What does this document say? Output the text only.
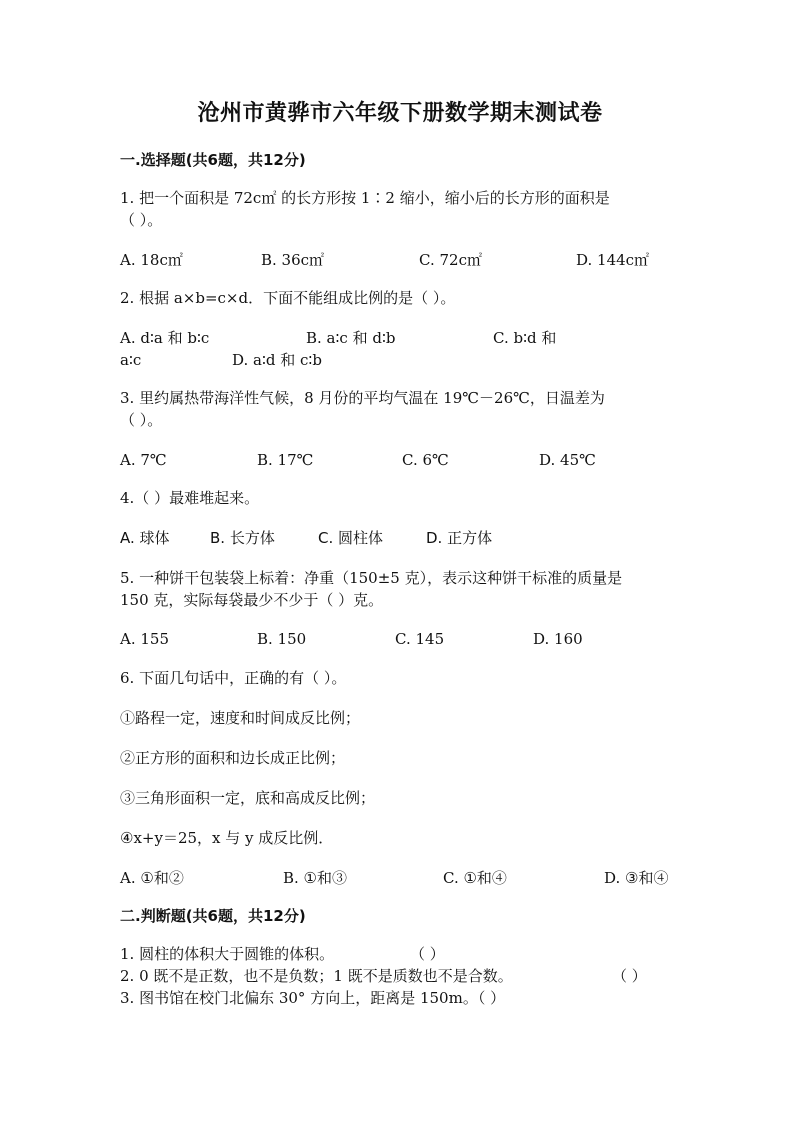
沧州市黄骅市六年级下册数学期末测试卷
一.选择题(共6题，共12分)
1. 把一个面积是 72c㎡ 的长方形按 1∶2 缩小，缩小后的长方形的面积是
（ ）。
A. 18c㎡	B. 36c㎡	C. 72c㎡	D. 144c㎡
2. 根据 a×b=c×d．下面不能组成比例的是（ ）。
A. d∶a 和 b∶c	B. a∶c 和 d∶b	C. b∶d 和
a∶c	D. a∶d 和 c∶b
3. 里约属热带海洋性气候，8 月份的平均气温在 19℃－26℃，日温差为
（ ）。
A. 7℃	B. 17℃	C. 6℃	D. 45℃
4.（ ）最难堆起来。
A. 球体	B. 长方体	C. 圆柱体	D. 正方体
5. 一种饼干包装袋上标着：净重（150±5 克），表示这种饼干标准的质量是
150 克，实际每袋最少不少于（ ）克。
A. 155	B. 150	C. 145	D. 160
6. 下面几句话中，正确的有（ ）。
①路程一定，速度和时间成反比例；
②正方形的面积和边长成正比例；
③三角形面积一定，底和高成反比例；
④x+y＝25，x 与 y 成反比例．
A. ①和②	B. ①和③	C. ①和④	D. ③和④
二.判断题(共6题，共12分)
1. 圆柱的体积大于圆锥的体积。	（ ）
2. 0 既不是正数，也不是负数；1 既不是质数也不是合数。	（ ）
3. 图书馆在校门北偏东 30° 方向上，距离是 150m。（ ）
